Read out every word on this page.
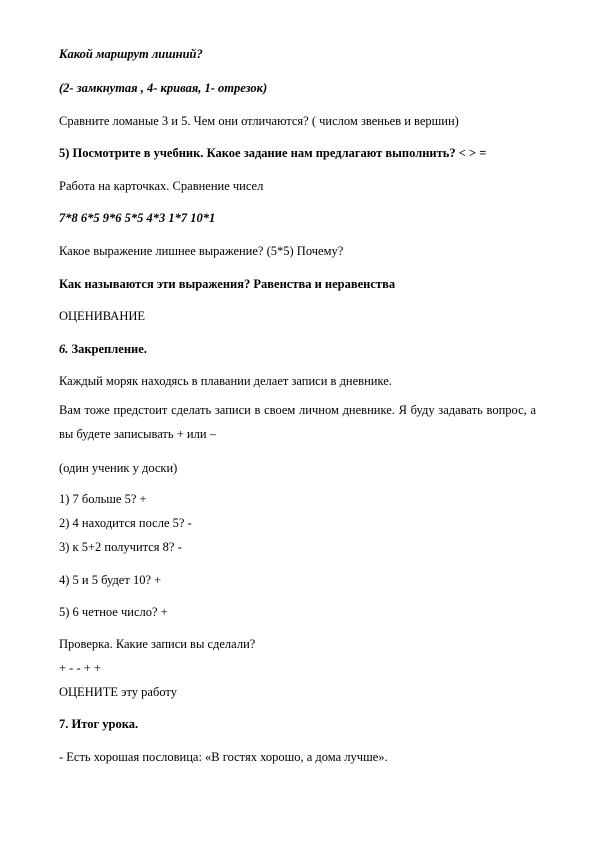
Какой маршрут лишний?
(2- замкнутая , 4- кривая, 1- отрезок)
Сравните ломаные 3 и 5. Чем они отличаются? ( числом звеньев и вершин)
5) Посмотрите в учебник. Какое задание нам предлагают выполнить? < > =
Работа на карточках. Сравнение чисел
7*8 6*5 9*6 5*5 4*3 1*7 10*1
Какое выражение лишнее выражение? (5*5) Почему?
Как называются эти выражения? Равенства и неравенства
ОЦЕНИВАНИЕ
6. Закрепление.
Каждый моряк находясь в плавании делает записи в дневнике.
Вам тоже предстоит сделать записи в своем личном дневнике. Я буду задавать вопрос, а вы будете записывать + или –
(один ученик у доски)
1) 7 больше 5? +
2) 4 находится после 5? -
3) к 5+2 получится 8? -
4) 5 и 5 будет 10? +
5) 6 четное число? +
Проверка. Какие записи вы сделали?
+ - - + +
ОЦЕНИТЕ эту работу
7. Итог урока.
- Есть хорошая пословица: «В гостях хорошо, а дома лучше».
